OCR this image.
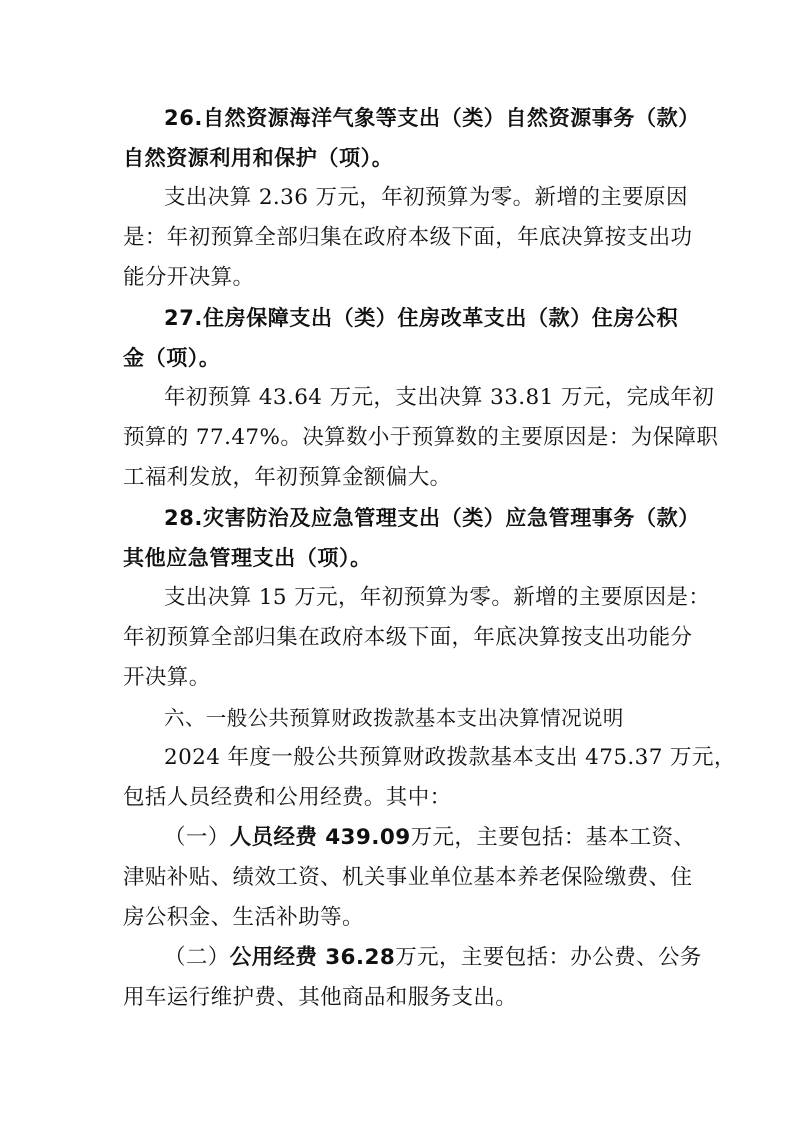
26.自然资源海洋气象等支出（类）自然资源事务（款）
自然资源利用和保护（项）。
支出决算 2.36 万元，年初预算为零。新增的主要原因
是：年初预算全部归集在政府本级下面，年底决算按支出功
能分开决算。
27.住房保障支出（类）住房改革支出（款）住房公积
金（项）。
年初预算 43.64 万元，支出决算 33.81 万元，完成年初
预算的 77.47%。决算数小于预算数的主要原因是：为保障职
工福利发放，年初预算金额偏大。
28.灾害防治及应急管理支出（类）应急管理事务（款）
其他应急管理支出（项）。
支出决算 15 万元，年初预算为零。新增的主要原因是：
年初预算全部归集在政府本级下面，年底决算按支出功能分
开决算。
六、一般公共预算财政拨款基本支出决算情况说明
2024 年度一般公共预算财政拨款基本支出 475.37 万元，
包括人员经费和公用经费。其中：
（一）人员经费 439.09万元，主要包括：基本工资、
津贴补贴、绩效工资、机关事业单位基本养老保险缴费、住
房公积金、生活补助等。
（二）公用经费 36.28万元，主要包括：办公费、公务
用车运行维护费、其他商品和服务支出。
